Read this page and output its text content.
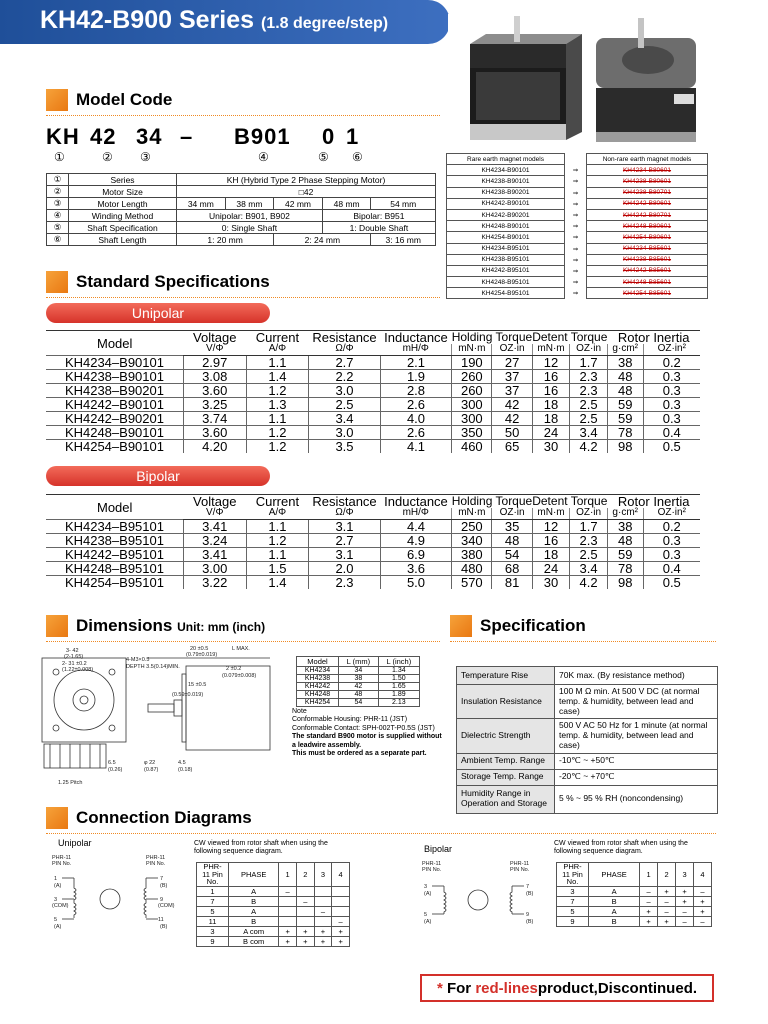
KH42-B900 Series (1.8 degree/step)
Model Code
KH 42 34 – B901 0 1
①	② ③	④	⑤ ⑥
①	Series	KH (Hybrid Type 2 Phase Stepping Motor)				
②	Motor Size	□42				
③	Motor Length	34 mm	38 mm	42 mm	48 mm	54 mm
④	Winding Method	Unipolar: B901, B902			Bipolar: B951	
⑤	Shaft Specification	0: Single Shaft			1: Double Shaft	
⑥	Shaft Length	1: 20 mm		2: 24 mm		3: 16 mm
Rare earth magnet models		Non-rare earth magnet models
KH4234-B90101	⇒	KH4234-B80601
KH4238-B90101	⇒	KH4238-B80601
KH4238-B90201	⇒	KH4238-B80701
KH4242-B90101	⇒	KH4242-B80601
KH4242-B90201	⇒	KH4242-B80701
KH4248-B90101	⇒	KH4248-B80601
KH4254-B90101	⇒	KH4254-B80601
KH4234-B95101	⇒	KH4234-B85601
KH4238-B95101	⇒	KH4238-B85601
KH4242-B95101	⇒	KH4242-B85601
KH4248-B95101	⇒	KH4248-B85601
KH4254-B95101	⇒	KH4254-B85601
Standard Specifications
Unipolar
Model	Voltage	Current	Resistance	Inductance	Holding Torque		Detent Torque		Rotor Inertia	
	V/Φ	A/Φ	Ω/Φ	mH/Φ	mN·m	OZ·in	mN·m	OZ·in	g·cm²	OZ·in²
KH4234–B90101	2.97	1.1	2.7	2.1	190	27	12	1.7	38	0.2
KH4238–B90101	3.08	1.4	2.2	1.9	260	37	16	2.3	48	0.3
KH4238–B90201	3.60	1.2	3.0	2.8	260	37	16	2.3	48	0.3
KH4242–B90101	3.25	1.3	2.5	2.6	300	42	18	2.5	59	0.3
KH4242–B90201	3.74	1.1	3.4	4.0	300	42	18	2.5	59	0.3
KH4248–B90101	3.60	1.2	3.0	2.6	350	50	24	3.4	78	0.4
KH4254–B90101	4.20	1.2	3.5	4.1	460	65	30	4.2	98	0.5
Bipolar
Model	Voltage	Current	Resistance	Inductance	Holding Torque		Detent Torque		Rotor Inertia	
	V/Φ	A/Φ	Ω/Φ	mH/Φ	mN·m	OZ·in	mN·m	OZ·in	g·cm²	OZ·in²
KH4234–B95101	3.41	1.1	3.1	4.4	250	35	12	1.7	38	0.2
KH4238–B95101	3.24	1.2	2.7	4.9	340	48	16	2.3	48	0.3
KH4242–B95101	3.41	1.1	3.1	6.9	380	54	18	2.5	59	0.3
KH4248–B95101	3.00	1.5	2.0	3.6	480	68	24	3.4	78	0.4
KH4254–B95101	3.22	1.4	2.3	5.0	570	81	30	4.2	98	0.5
Dimensions Unit: mm (inch)
3- 42
(2-1.65)
2- 31 ±0.2
(1.22±0.008)
4-M3×0.5
DEPTH 3.5(0.14)MIN.
20 ±0.5
(0.79±0.019)
L MAX.
2 ±0.2
(0.079±0.008)
15 ±0.5
(0.59±0.019)
6.5
(0.26)
φ 22
(0.87)
4.5
(0.18)
1.25 Pitch
Model	L (mm)	L (inch)
KH4234	34	1.34
KH4238	38	1.50
KH4242	42	1.65
KH4248	48	1.89
KH4254	54	2.13
Note
Conformable Housing: PHR-11 (JST)
Conformable Contact: SPH-002T-P0.5S (JST)
The standard B900 motor is supplied without a leadwire assembly.
This must be ordered as a separate part.
Specification
Temperature Rise	70K max. (By resistance method)
Insulation Resistance	100 M Ω min. At 500 V DC (at normal temp. & humidity, between lead and case)
Dielectric Strength	500 V AC 50 Hz for 1 minute (at normal temp. & humidity, between lead and case)
Ambient Temp. Range	-10℃ ~ +50℃
Storage Temp. Range	-20℃ ~ +70℃
Humidity Range in Operation and Storage	5 % ~ 95 % RH (noncondensing)
Connection Diagrams
Unipolar
PHR-11
PIN No.
PHR-11
PIN No.
1
(A)
3
(COM)
5
(A)
7
(B)
9
(COM)
11
(B)
CW viewed from rotor shaft when using the following sequence diagram.
PHR-11 Pin No.	PHASE	1	2	3	4
1	A	–			
7	B		–		
5	A			–	
11	B				–
3	A com	+	+	+	+
9	B com	+	+	+	+
Bipolar
PHR-11
PIN No.
PHR-11
PIN No.
3
(A)
5
(A)
7
(B)
9
(B)
CW viewed from rotor shaft when using the following sequence diagram.
PHR-11 Pin No.	PHASE	1	2	3	4
3	A	–	+	+	–
7	B	–	–	+	+
5	A	+	–	–	+
9	B	+	+	–	–
*
For
red-lines product,Discontinued.
